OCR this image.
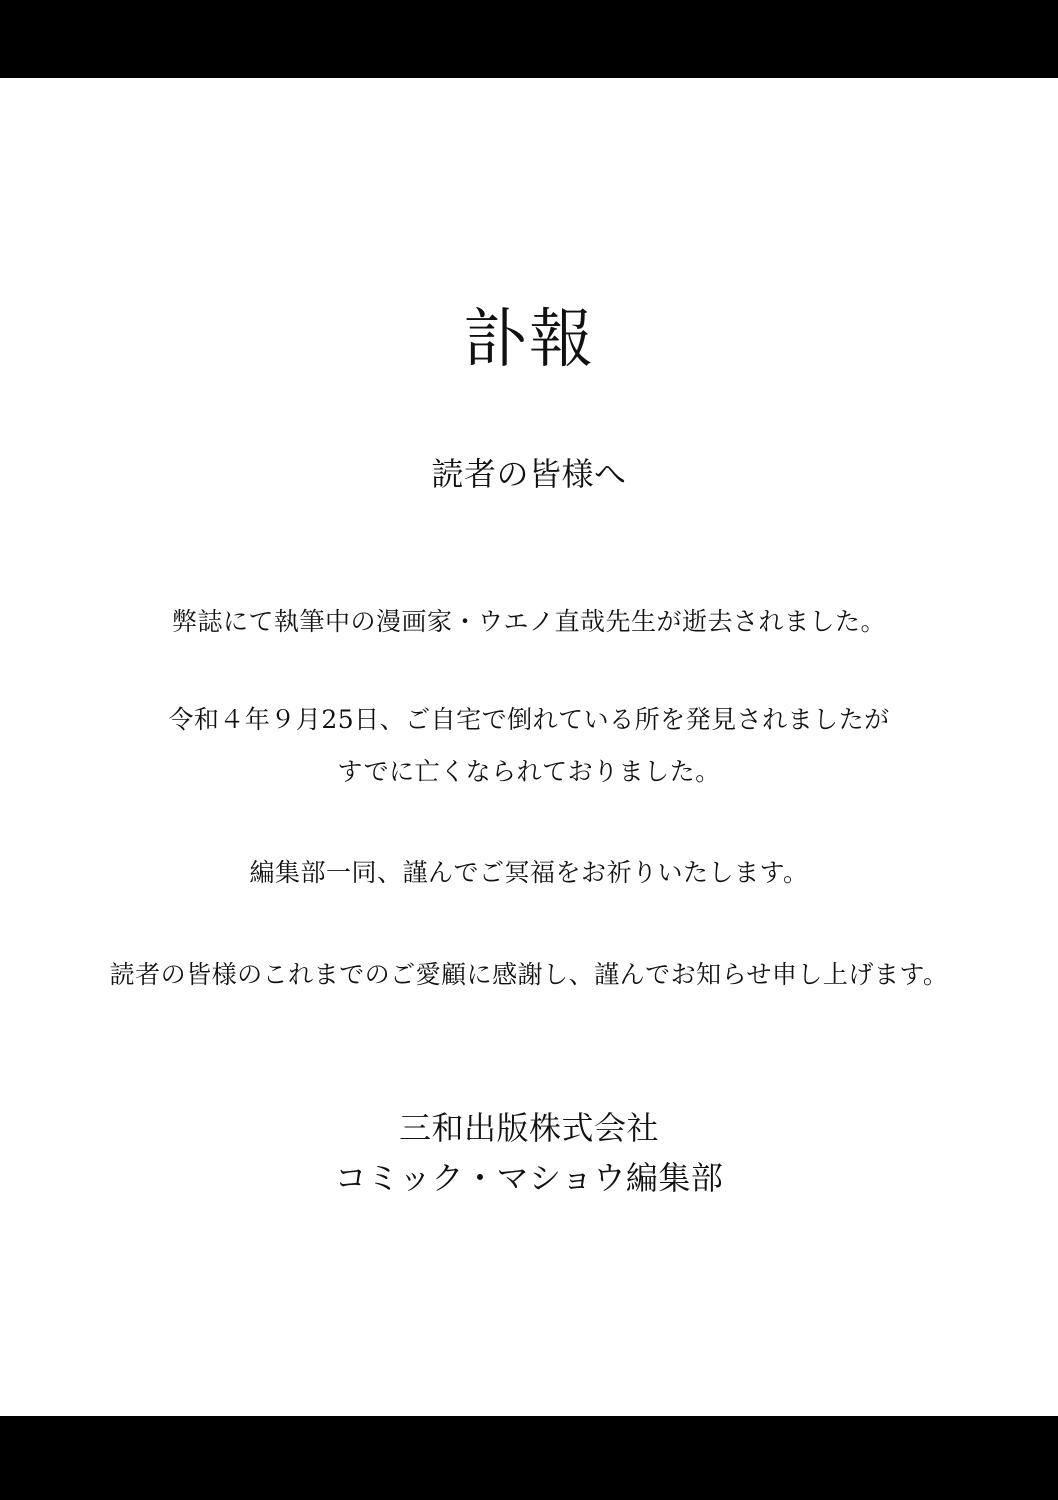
訃報
読者の皆様へ
弊誌にて執筆中の漫画家・ウエノ直哉先生が逝去されました。
令和４年９月25日、ご自宅で倒れている所を発見されましたが
すでに亡くなられておりました。
編集部一同、謹んでご冥福をお祈りいたします。
読者の皆様のこれまでのご愛顧に感謝し、謹んでお知らせ申し上げます。
三和出版株式会社
コミック・マショウ編集部
